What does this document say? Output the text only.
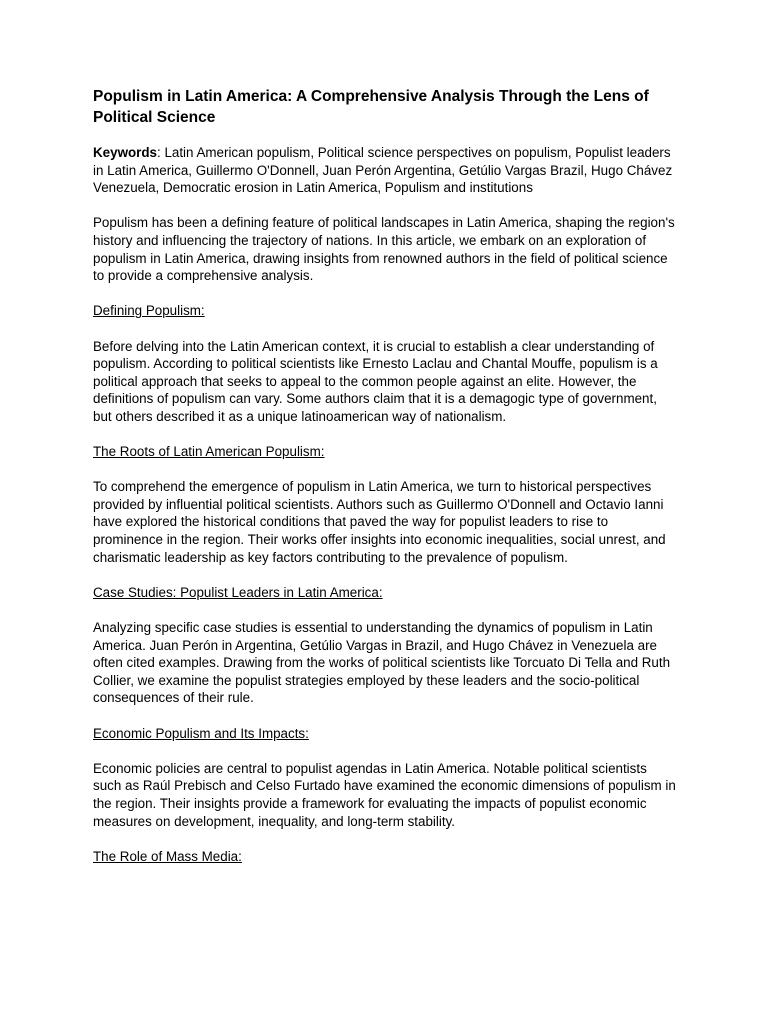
Populism in Latin America: A Comprehensive Analysis Through the Lens of Political Science

Keywords: Latin American populism, Political science perspectives on populism, Populist leaders in Latin America, Guillermo O'Donnell, Juan Perón Argentina, Getúlio Vargas Brazil, Hugo Chávez Venezuela, Democratic erosion in Latin America, Populism and institutions

Populism has been a defining feature of political landscapes in Latin America, shaping the region's history and influencing the trajectory of nations. In this article, we embark on an exploration of populism in Latin America, drawing insights from renowned authors in the field of political science to provide a comprehensive analysis.

Defining Populism:

Before delving into the Latin American context, it is crucial to establish a clear understanding of populism. According to political scientists like Ernesto Laclau and Chantal Mouffe, populism is a political approach that seeks to appeal to the common people against an elite. However, the definitions of populism can vary. Some authors claim that it is a demagogic type of government, but others described it as a unique latinoamerican way of nationalism.

The Roots of Latin American Populism:

To comprehend the emergence of populism in Latin America, we turn to historical perspectives provided by influential political scientists. Authors such as Guillermo O'Donnell and Octavio Ianni have explored the historical conditions that paved the way for populist leaders to rise to prominence in the region. Their works offer insights into economic inequalities, social unrest, and charismatic leadership as key factors contributing to the prevalence of populism.

Case Studies: Populist Leaders in Latin America:

Analyzing specific case studies is essential to understanding the dynamics of populism in Latin America. Juan Perón in Argentina, Getúlio Vargas in Brazil, and Hugo Chávez in Venezuela are often cited examples. Drawing from the works of political scientists like Torcuato Di Tella and Ruth Collier, we examine the populist strategies employed by these leaders and the socio-political consequences of their rule.

Economic Populism and Its Impacts:

Economic policies are central to populist agendas in Latin America. Notable political scientists such as Raúl Prebisch and Celso Furtado have examined the economic dimensions of populism in the region. Their insights provide a framework for evaluating the impacts of populist economic measures on development, inequality, and long-term stability.

The Role of Mass Media:
